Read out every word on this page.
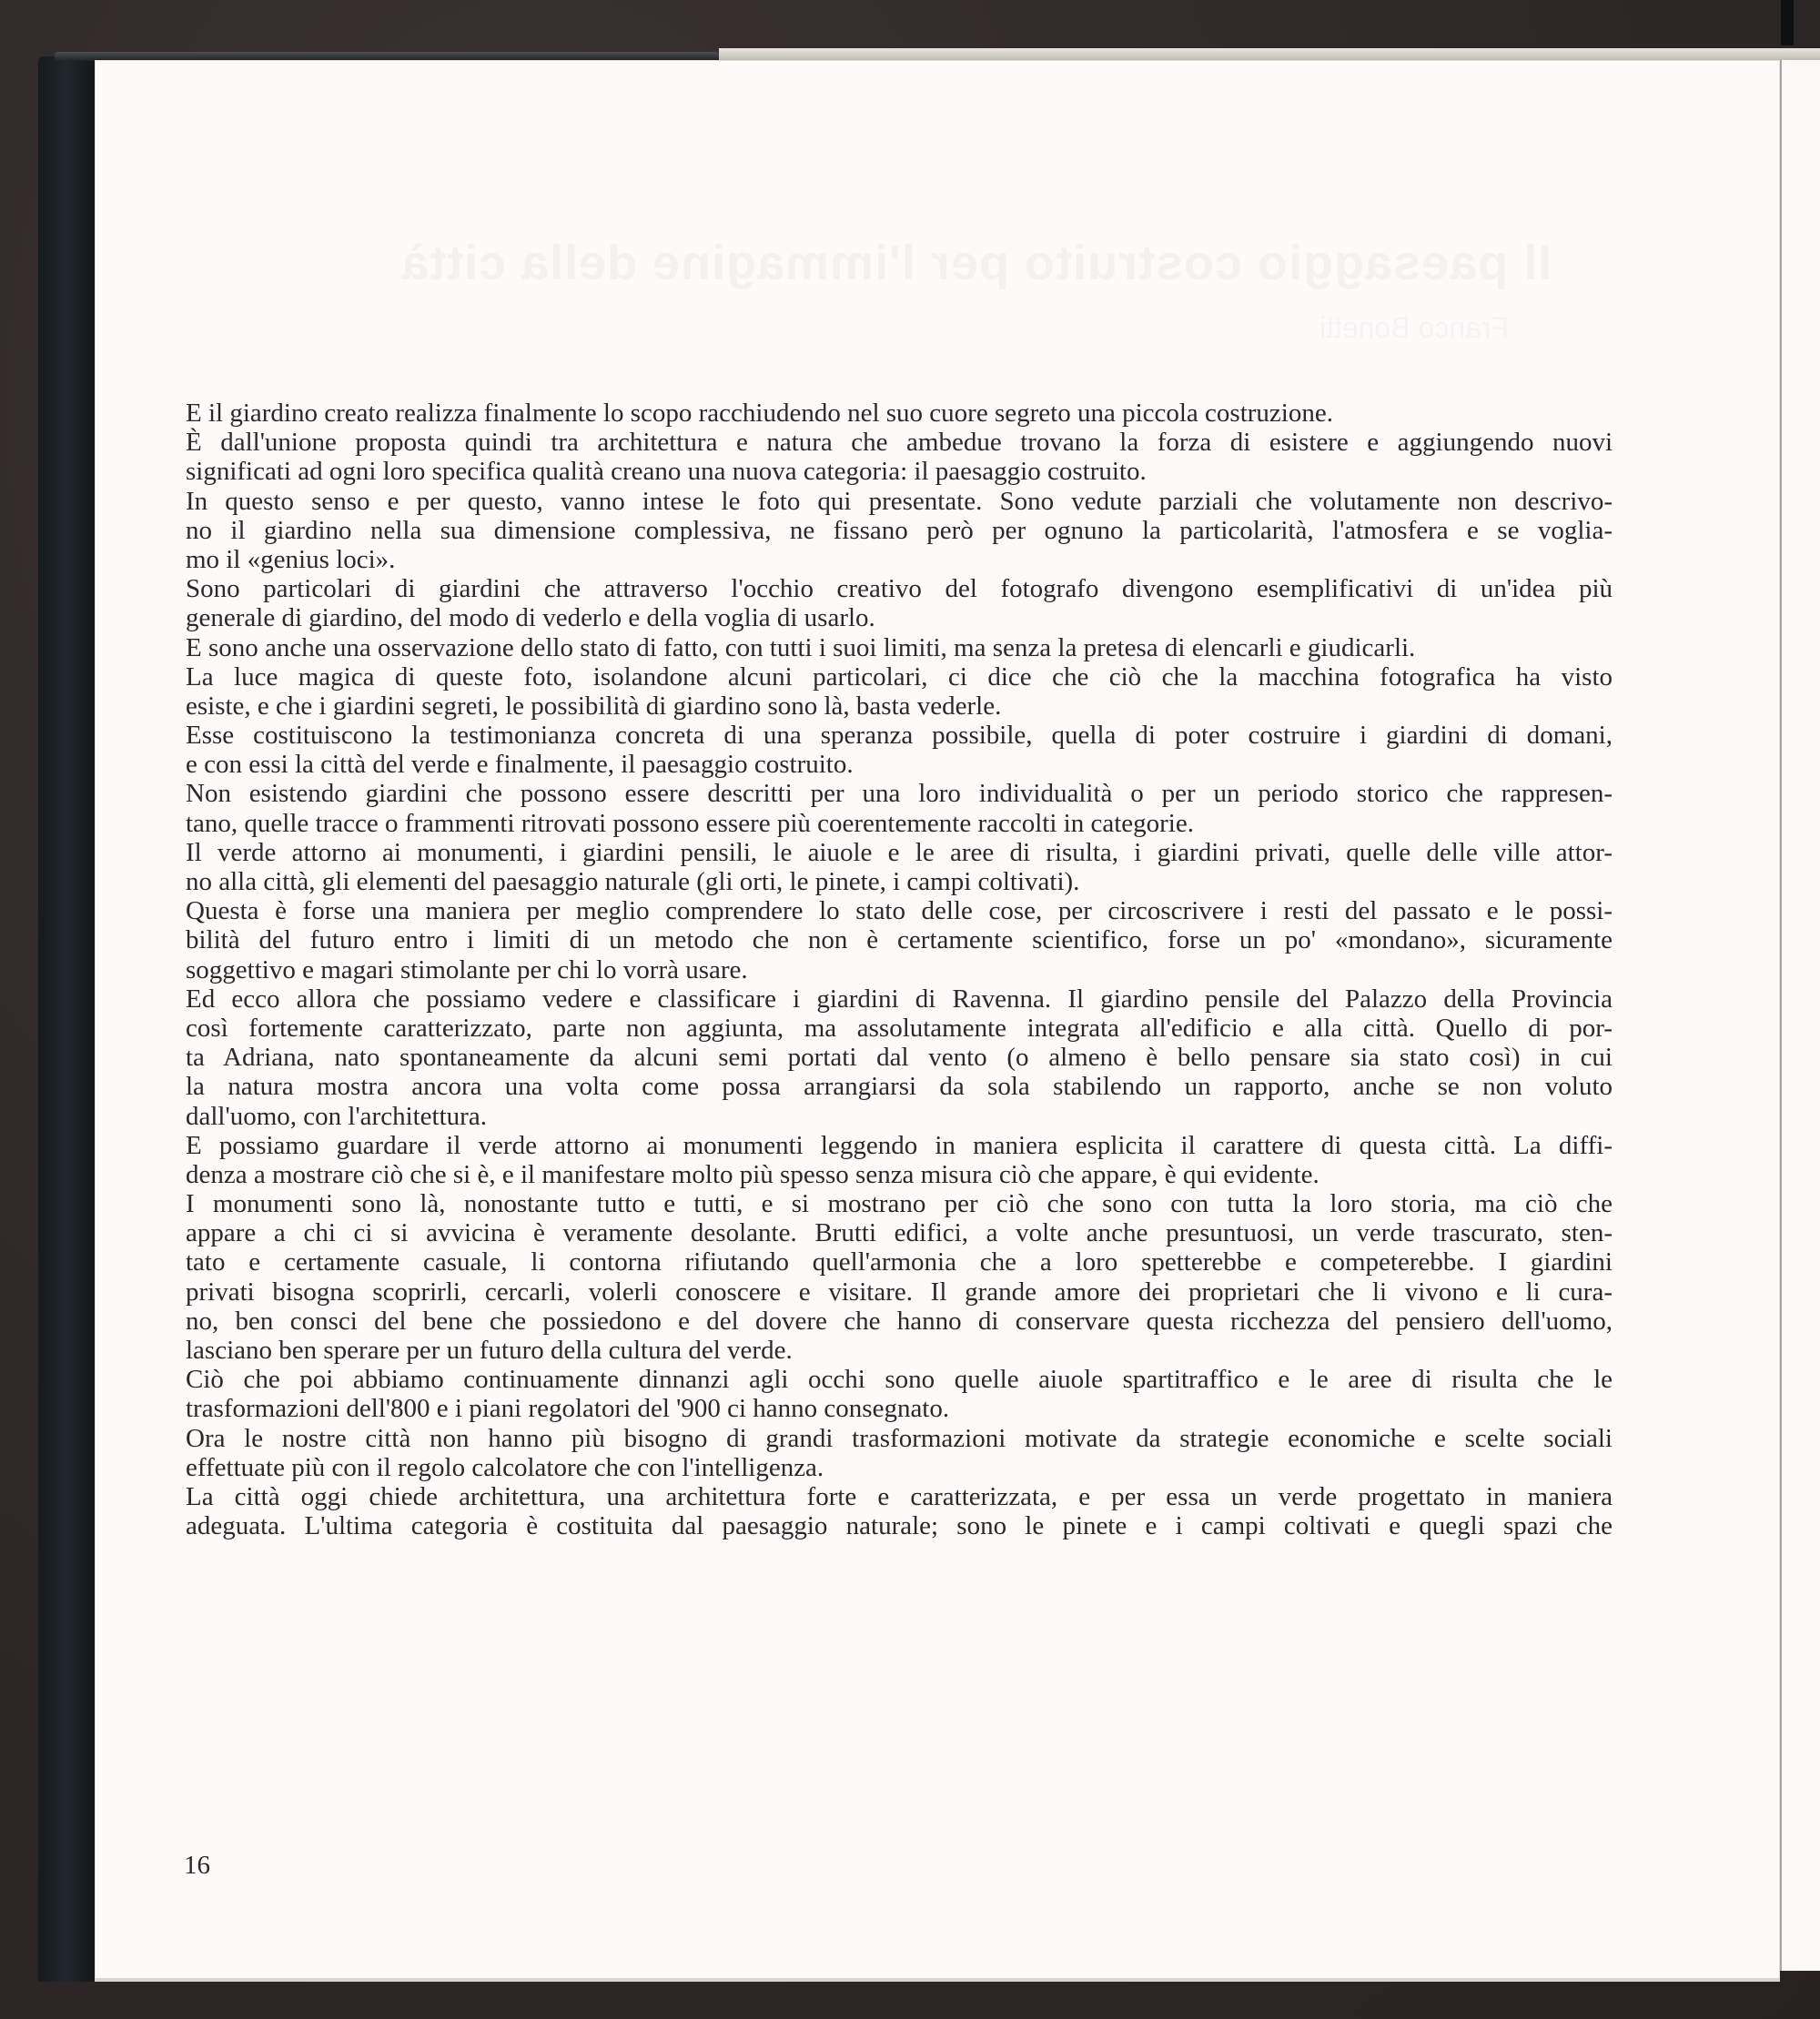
E il giardino creato realizza finalmente lo scopo racchiudendo nel suo cuore segreto una piccola costruzione.
È dall'unione proposta quindi tra architettura e natura che ambedue trovano la forza di esistere e aggiungendo nuovi
significati ad ogni loro specifica qualità creano una nuova categoria: il paesaggio costruito.
In questo senso e per questo, vanno intese le foto qui presentate. Sono vedute parziali che volutamente non descrivo-
no il giardino nella sua dimensione complessiva, ne fissano però per ognuno la particolarità, l'atmosfera e se voglia-
mo il «genius loci».
Sono particolari di giardini che attraverso l'occhio creativo del fotografo divengono esemplificativi di un'idea più
generale di giardino, del modo di vederlo e della voglia di usarlo.
E sono anche una osservazione dello stato di fatto, con tutti i suoi limiti, ma senza la pretesa di elencarli e giudicarli.
La luce magica di queste foto, isolandone alcuni particolari, ci dice che ciò che la macchina fotografica ha visto
esiste, e che i giardini segreti, le possibilità di giardino sono là, basta vederle.
Esse costituiscono la testimonianza concreta di una speranza possibile, quella di poter costruire i giardini di domani,
e con essi la città del verde e finalmente, il paesaggio costruito.
Non esistendo giardini che possono essere descritti per una loro individualità o per un periodo storico che rappresen-
tano, quelle tracce o frammenti ritrovati possono essere più coerentemente raccolti in categorie.
Il verde attorno ai monumenti, i giardini pensili, le aiuole e le aree di risulta, i giardini privati, quelle delle ville attor-
no alla città, gli elementi del paesaggio naturale (gli orti, le pinete, i campi coltivati).
Questa è forse una maniera per meglio comprendere lo stato delle cose, per circoscrivere i resti del passato e le possi-
bilità del futuro entro i limiti di un metodo che non è certamente scientifico, forse un po' «mondano», sicuramente
soggettivo e magari stimolante per chi lo vorrà usare.
Ed ecco allora che possiamo vedere e classificare i giardini di Ravenna. Il giardino pensile del Palazzo della Provincia
così fortemente caratterizzato, parte non aggiunta, ma assolutamente integrata all'edificio e alla città. Quello di por-
ta Adriana, nato spontaneamente da alcuni semi portati dal vento (o almeno è bello pensare sia stato così) in cui
la natura mostra ancora una volta come possa arrangiarsi da sola stabilendo un rapporto, anche se non voluto
dall'uomo, con l'architettura.
E possiamo guardare il verde attorno ai monumenti leggendo in maniera esplicita il carattere di questa città. La diffi-
denza a mostrare ciò che si è, e il manifestare molto più spesso senza misura ciò che appare, è qui evidente.
I monumenti sono là, nonostante tutto e tutti, e si mostrano per ciò che sono con tutta la loro storia, ma ciò che
appare a chi ci si avvicina è veramente desolante. Brutti edifici, a volte anche presuntuosi, un verde trascurato, sten-
tato e certamente casuale, li contorna rifiutando quell'armonia che a loro spetterebbe e competerebbe. I giardini
privati bisogna scoprirli, cercarli, volerli conoscere e visitare. Il grande amore dei proprietari che li vivono e li cura-
no, ben consci del bene che possiedono e del dovere che hanno di conservare questa ricchezza del pensiero dell'uomo,
lasciano ben sperare per un futuro della cultura del verde.
Ciò che poi abbiamo continuamente dinnanzi agli occhi sono quelle aiuole spartitraffico e le aree di risulta che le
trasformazioni dell'800 e i piani regolatori del '900 ci hanno consegnato.
Ora le nostre città non hanno più bisogno di grandi trasformazioni motivate da strategie economiche e scelte sociali
effettuate più con il regolo calcolatore che con l'intelligenza.
La città oggi chiede architettura, una architettura forte e caratterizzata, e per essa un verde progettato in maniera
adeguata. L'ultima categoria è costituita dal paesaggio naturale; sono le pinete e i campi coltivati e quegli spazi che
16
